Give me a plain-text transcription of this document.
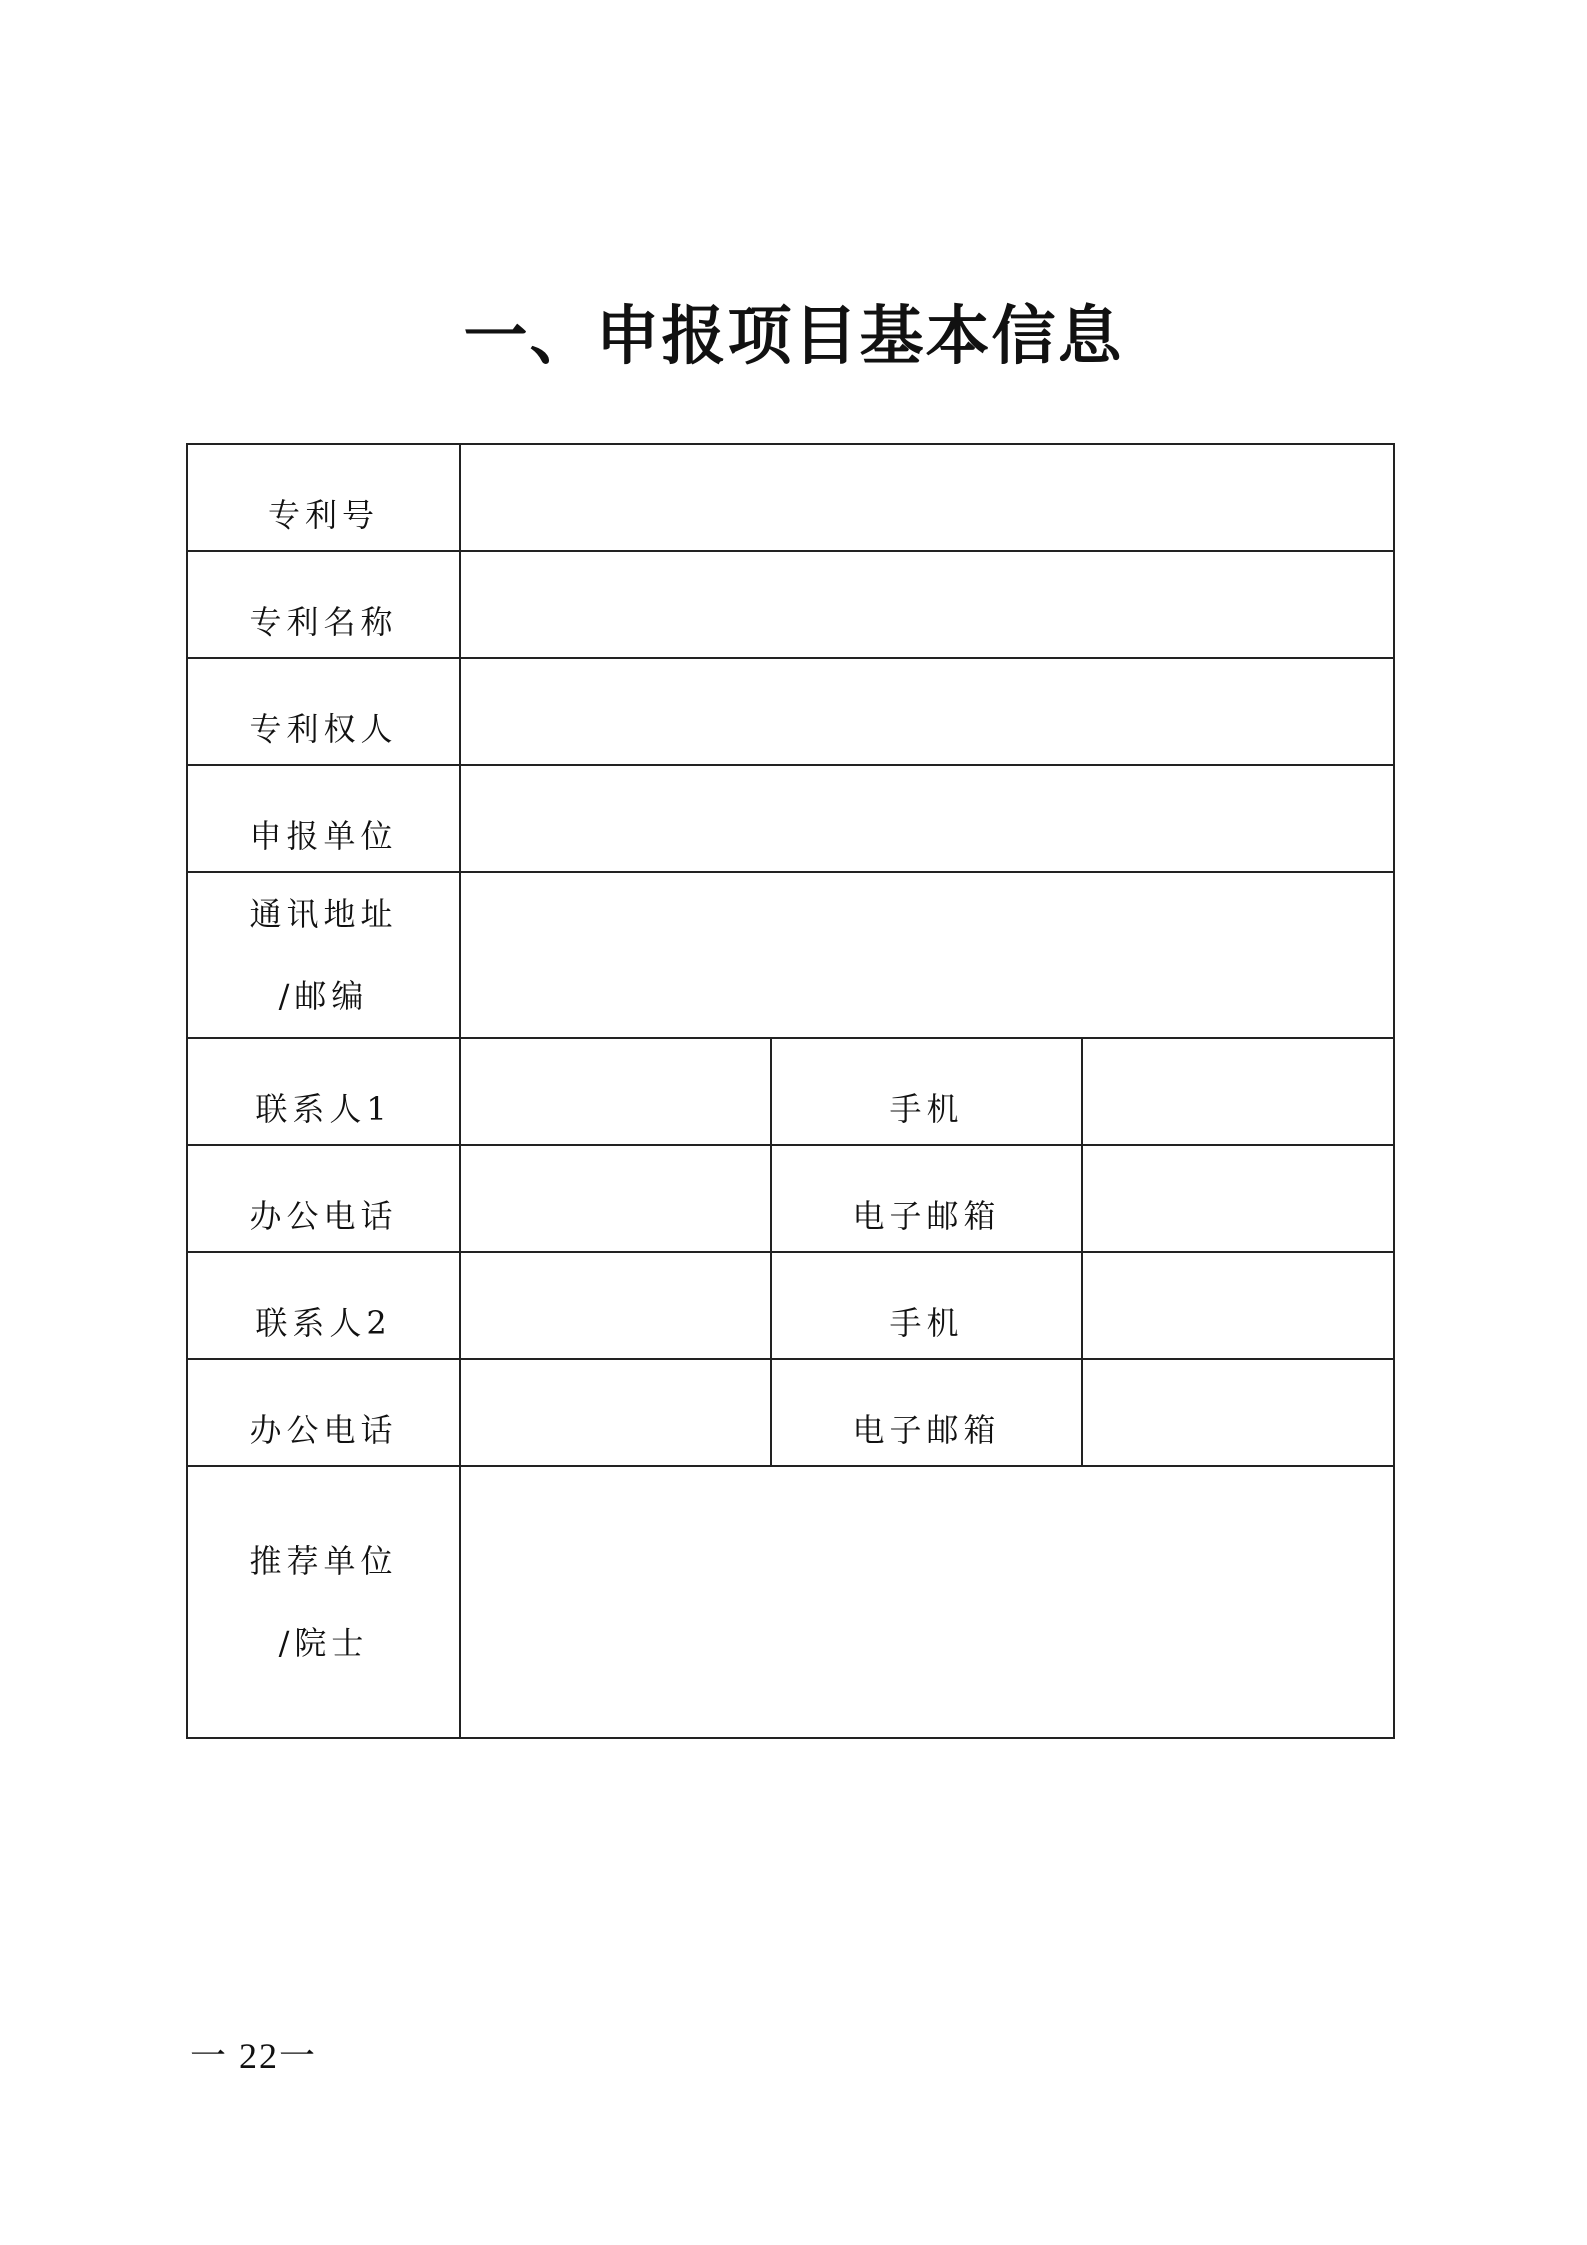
一、申报项目基本信息
专利号			
专利名称			
专利权人			
申报单位			

通讯地址
/邮编			

联系人1		手机	
办公电话		电子邮箱	
联系人2		手机	
办公电话		电子邮箱	

推荐单位
/院士			

一 22一
